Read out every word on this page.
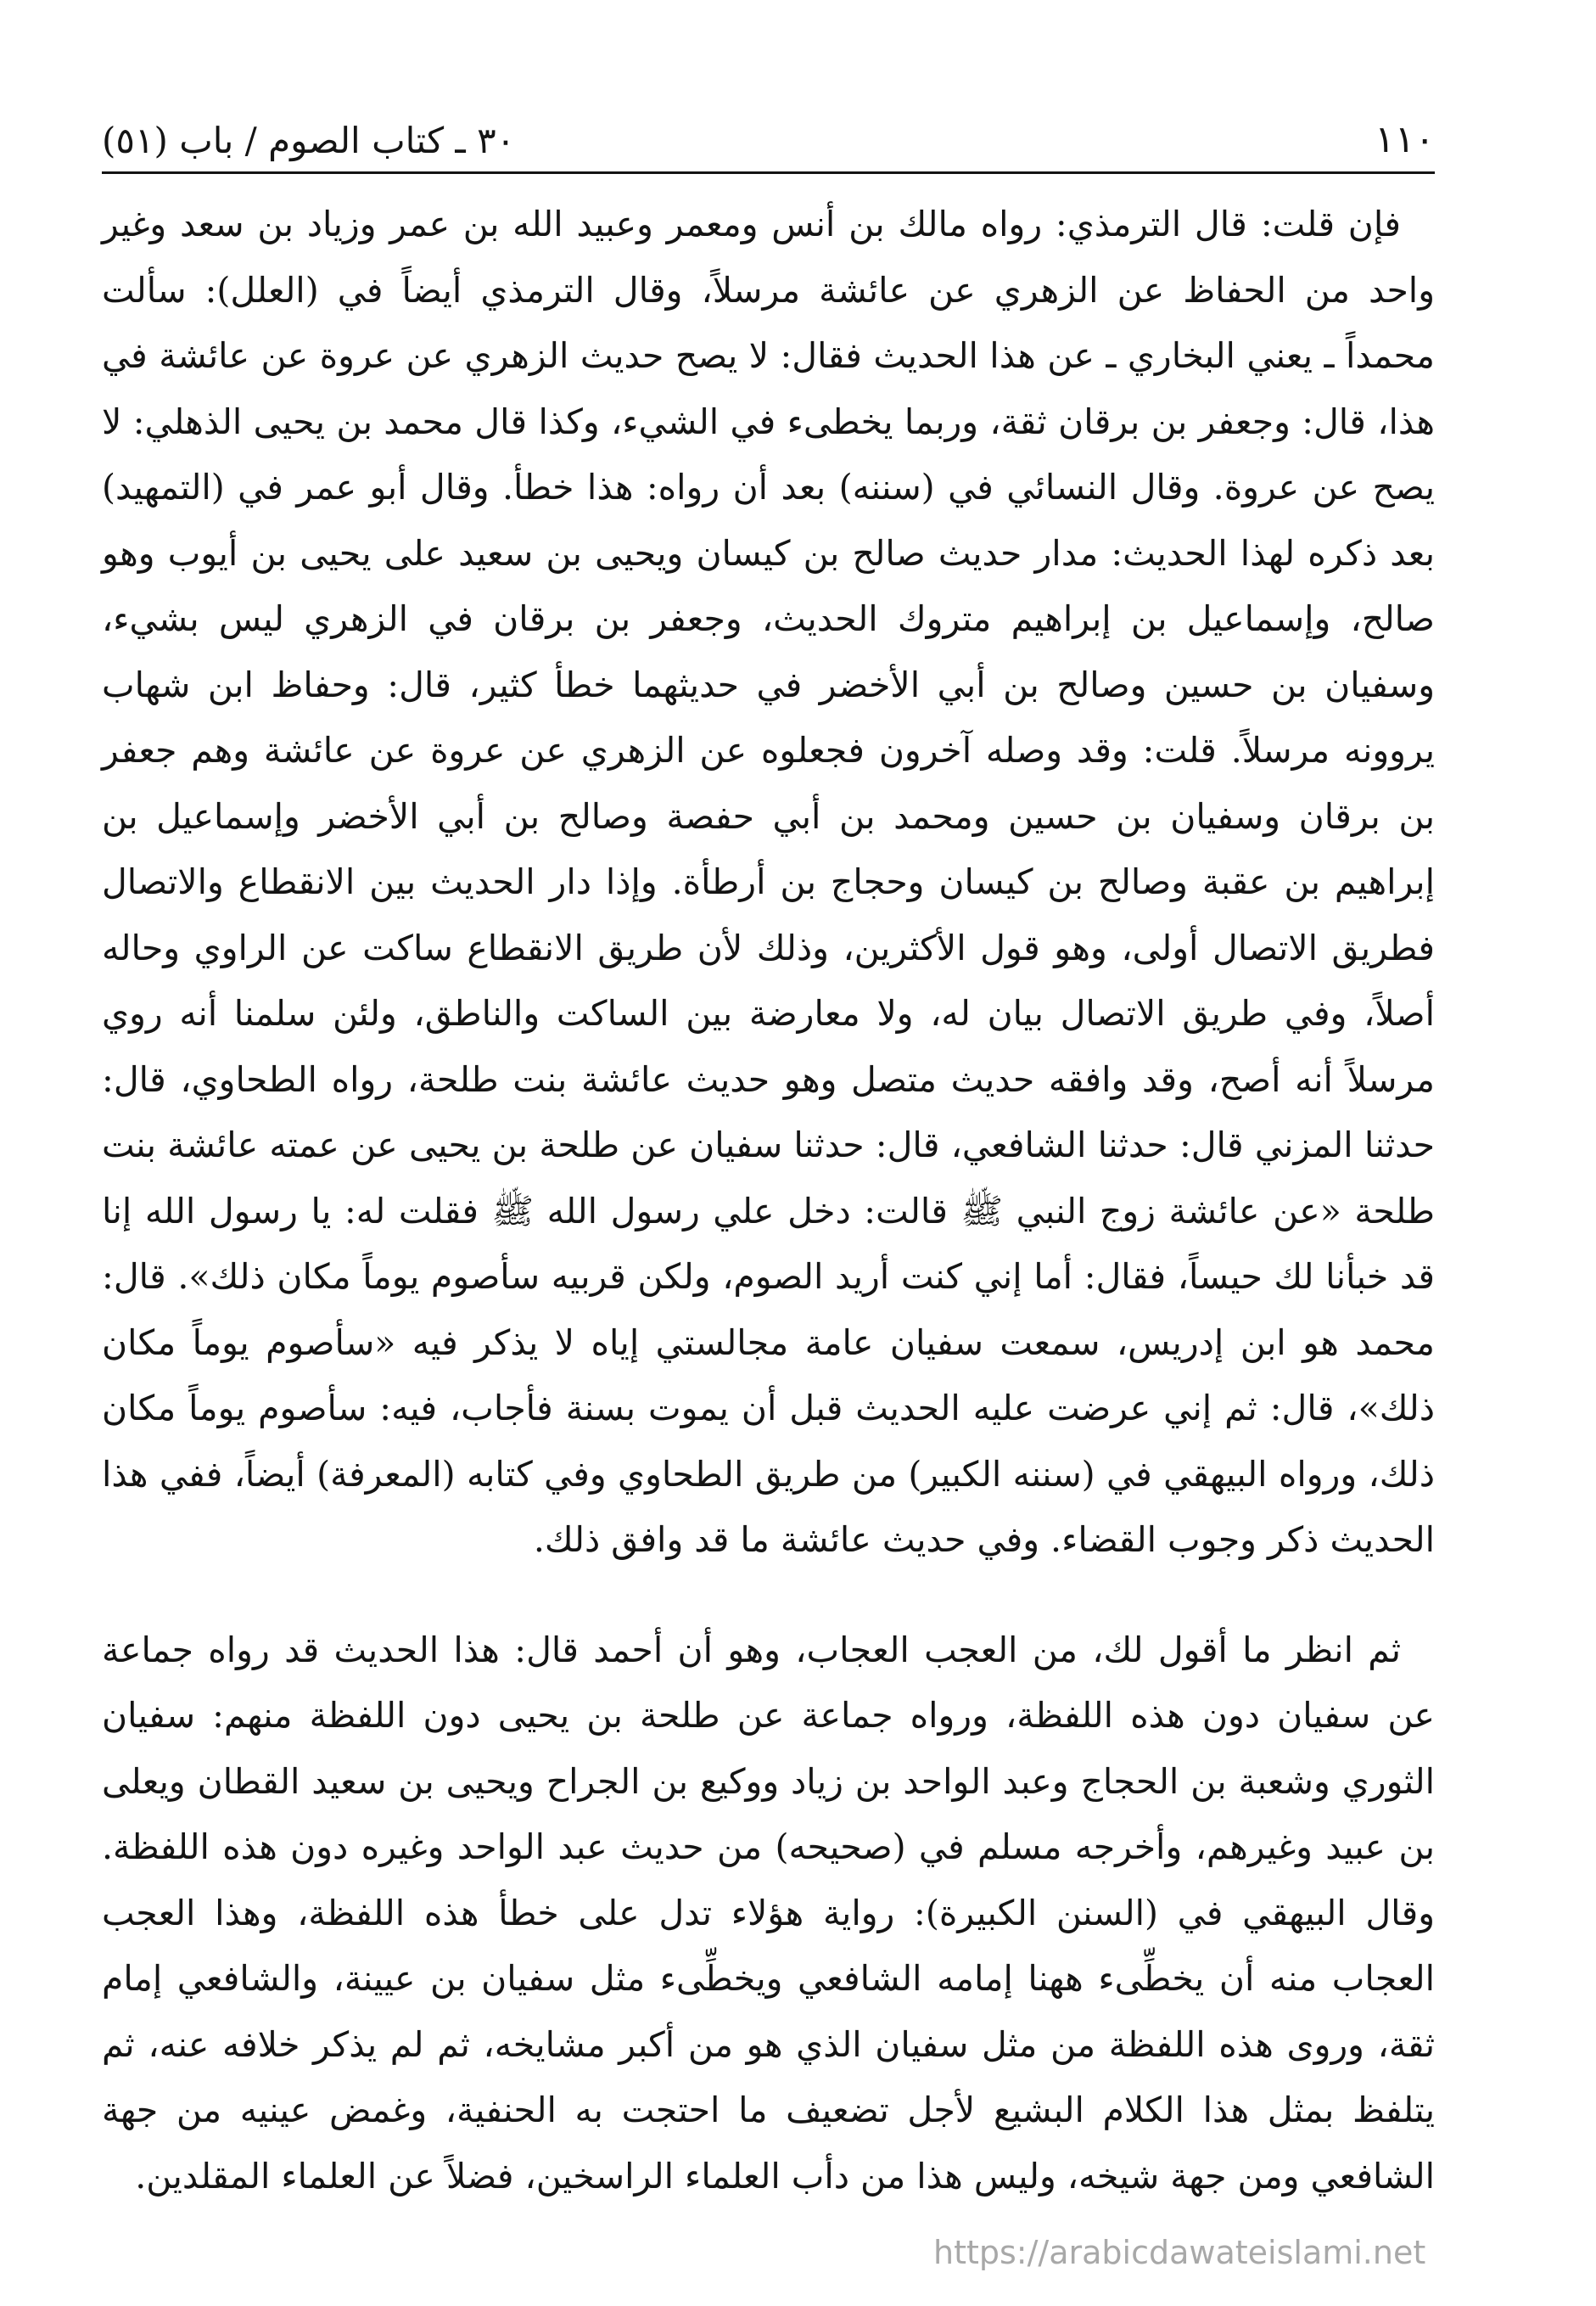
١١٠
٣٠ ـ كتاب الصوم / باب (٥١)

فإن قلت:قال الترمذي: رواه مالك بن أنس ومعمر وعبيد الله بن عمر وزياد بن سعد وغير واحد من الحفاظ عن الزهري عن عائشة مرسلاً، وقال الترمذي أيضاً في (العلل): سألت محمداً ـ يعني البخاري ـ عن هذا الحديث فقال: لا يصح حديث الزهري عن عروة عن عائشة في هذا، قال: وجعفر بن برقان ثقة، وربما يخطىء في الشيء، وكذا قال محمد بن يحيى الذهلي: لا يصح عن عروة. وقال النسائي في (سننه) بعد أن رواه: هذا خطأ. وقال أبو عمر في (التمهيد) بعد ذكره لهذا الحديث: مدار حديث صالح بن كيسان ويحيى بن سعيد على يحيى بن أيوب وهو صالح، وإسماعيل بن إبراهيم متروك الحديث، وجعفر بن برقان في الزهري ليس بشيء، وسفيان بن حسين وصالح بن أبي الأخضر في حديثهما خطأ كثير، قال: وحفاظ ابن شهاب يروونه مرسلاً. قلت: وقد وصله آخرون فجعلوه عن الزهري عن عروة عن عائشة وهم جعفر بن برقان وسفيان بن حسين ومحمد بن أبي حفصة وصالح بن أبي الأخضر وإسماعيل بن إبراهيم بن عقبة وصالح بن كيسان وحجاج بن أرطأة. وإذا دار الحديث بين الانقطاع والاتصال فطريق الاتصال أولى، وهو قول الأكثرين، وذلك لأن طريق الانقطاع ساكت عن الراوي وحاله أصلاً، وفي طريق الاتصال بيان له، ولا معارضة بين الساكت والناطق، ولئن سلمنا أنه روي مرسلاً أنه أصح، وقد وافقه حديث متصل وهو حديث عائشة بنت طلحة، رواه الطحاوي، قال: حدثنا المزني قال: حدثنا الشافعي، قال: حدثنا سفيان عن طلحة بن يحيى عن عمته عائشة بنت طلحة «عن عائشة زوج النبي ﷺ قالت: دخل علي رسول الله ﷺ فقلت له: يا رسول الله إنا قد خبأنا لك حيساً، فقال: أما إني كنت أريد الصوم، ولكن قربيه سأصوم يوماً مكان ذلك». قال: محمد هو ابن إدريس، سمعت سفيان عامة مجالستي إياه لا يذكر فيه «سأصوم يوماً مكان ذلك»، قال: ثم إني عرضت عليه الحديث قبل أن يموت بسنة فأجاب، فيه: سأصوم يوماً مكان ذلك، ورواه البيهقي في (سننه الكبير) من طريق الطحاوي وفي كتابه (المعرفة) أيضاً، ففي هذا الحديث ذكر وجوب القضاء. وفي حديث عائشة ما قد وافق ذلك.

ثم انظر ما أقول لك، من العجب العجاب، وهو أن أحمد قال: هذا الحديث قد رواه جماعة عن سفيان دون هذه اللفظة، ورواه جماعة عن طلحة بن يحيى دون اللفظة منهم: سفيان الثوري وشعبة بن الحجاج وعبد الواحد بن زياد ووكيع بن الجراح ويحيى بن سعيد القطان ويعلى بن عبيد وغيرهم، وأخرجه مسلم في (صحيحه) من حديث عبد الواحد وغيره دون هذه اللفظة. وقال البيهقي في (السنن الكبيرة): رواية هؤلاء تدل على خطأ هذه اللفظة، وهذا العجب العجاب منه أن يخطِّىء ههنا إمامه الشافعي ويخطِّىء مثل سفيان بن عيينة، والشافعي إمام ثقة، وروى هذه اللفظة من مثل سفيان الذي هو من أكبر مشايخه، ثم لم يذكر خلافه عنه، ثم يتلفظ بمثل هذا الكلام البشيع لأجل تضعيف ما احتجت به الحنفية، وغمض عينيه من جهة الشافعي ومن جهة شيخه، وليس هذا من دأب العلماء الراسخين، فضلاً عن العلماء المقلدين.

https://arabicdawateislami.net
